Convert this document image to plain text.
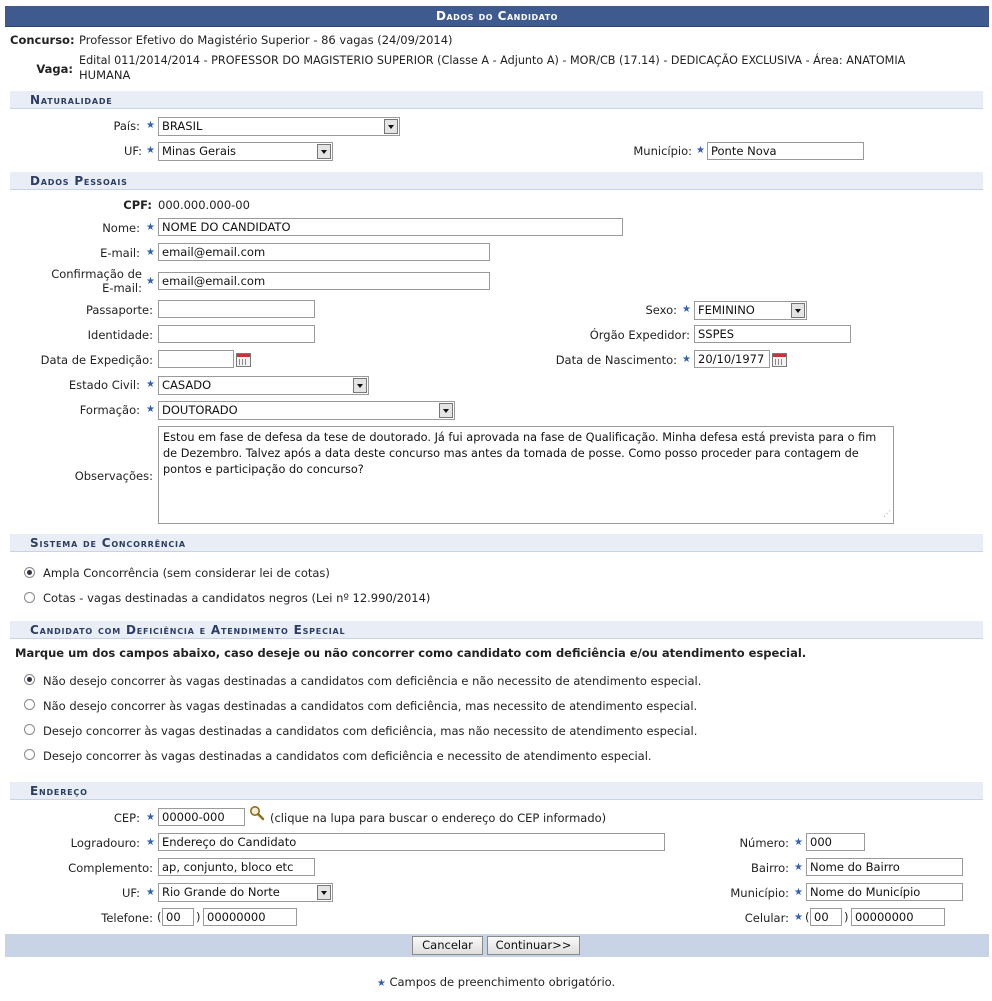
Dados do Candidato
Concurso: Professor Efetivo do Magistério Superior - 86 vagas (24/09/2014)
Vaga:
Edital 011/2014/2014 - PROFESSOR DO MAGISTERIO SUPERIOR (Classe A - Adjunto A) - MOR/CB (17.14) - DEDICAÇÃO EXCLUSIVA - Área: ANATOMIA
HUMANA
Naturalidade
País: ★ BRASIL
UF: ★ Minas Gerais	Município: ★ Ponte Nova
Dados Pessoais
CPF: 000.000.000-00
Nome: ★ NOME DO CANDIDATO
E-mail: ★ email@email.com
Confirmação de
E-mail: ★ email@email.com
Passaporte:	Sexo: ★ FEMININO
Identidade:	Órgão Expedidor: SSPES
Data de Expedição:	Data de Nascimento: ★ 20/10/1977
Estado Civil: ★ CASADO
Formação: ★ DOUTORADO
Observações:
Estou em fase de defesa da tese de doutorado. Já fui aprovada na fase de Qualificação. Minha defesa está prevista para o fim
de Dezembro. Talvez após a data deste concurso mas antes da tomada de posse. Como posso proceder para contagem de
pontos e participação do concurso?
⋰
Sistema de Concorrência
Ampla Concorrência (sem considerar lei de cotas)
Cotas - vagas destinadas a candidatos negros (Lei nº 12.990/2014)
Candidato com Deficiência e Atendimento Especial
Marque um dos campos abaixo, caso deseje ou não concorrer como candidato com deficiência e/ou atendimento especial.
Não desejo concorrer às vagas destinadas a candidatos com deficiência e não necessito de atendimento especial.
Não desejo concorrer às vagas destinadas a candidatos com deficiência, mas necessito de atendimento especial.
Desejo concorrer às vagas destinadas a candidatos com deficiência, mas não necessito de atendimento especial.
Desejo concorrer às vagas destinadas a candidatos com deficiência e necessito de atendimento especial.
Endereço
CEP: ★ 00000-000	(clique na lupa para buscar o endereço do CEP informado)
Logradouro: ★ Endereço do Candidato	Número: ★ 000
Complemento: ap, conjunto, bloco etc	Bairro: ★ Nome do Bairro
UF: ★ Rio Grande do Norte	Município: ★ Nome do Município
Telefone: ( 00	) 00000000	Celular: ★ ( 00	) 00000000
Cancelar	Continuar>>
★ Campos de preenchimento obrigatório.
